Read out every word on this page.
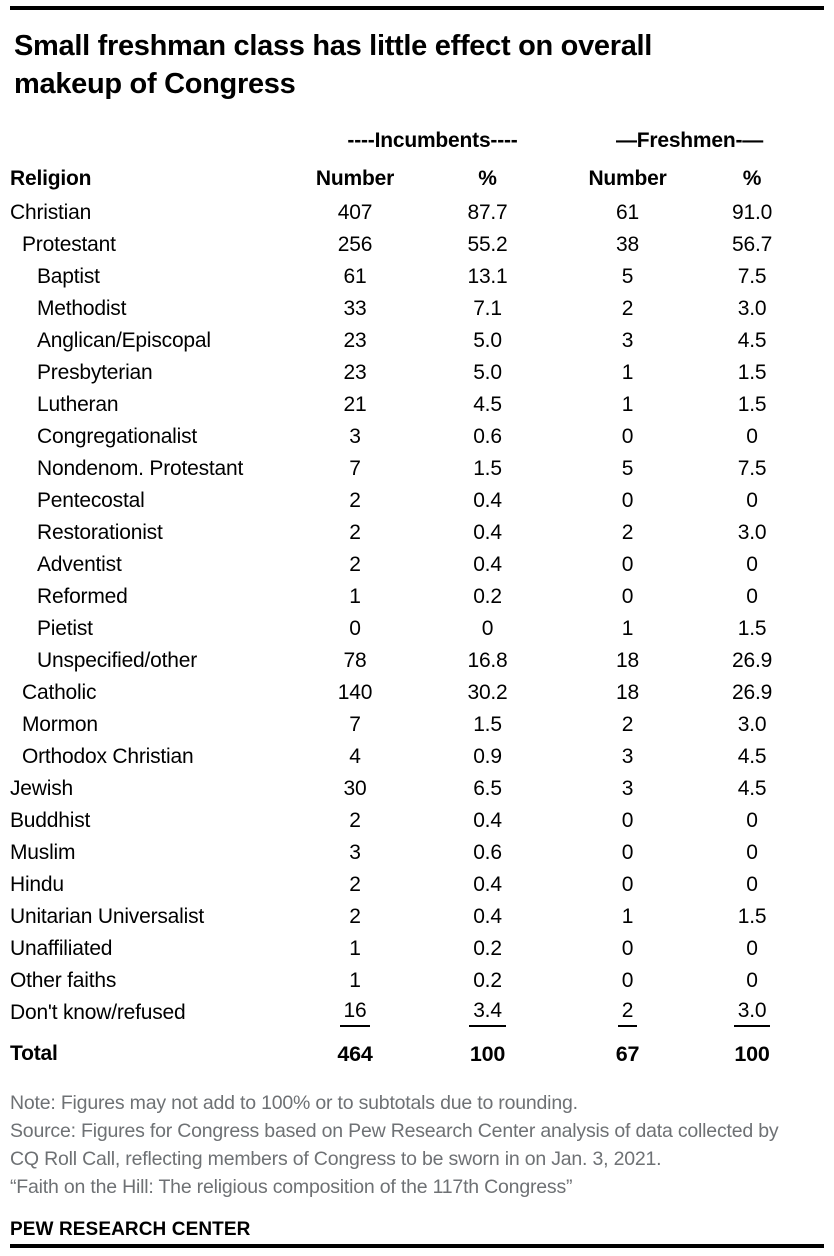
Small freshman class has little effect on overall makeup of Congress
	----Incumbents----		—Freshmen-—	
Religion	Number	%	Number	%
Christian	407	87.7	61	91.0
Protestant	256	55.2	38	56.7
Baptist	61	13.1	5	7.5
Methodist	33	7.1	2	3.0
Anglican/Episcopal	23	5.0	3	4.5
Presbyterian	23	5.0	1	1.5
Lutheran	21	4.5	1	1.5
Congregationalist	3	0.6	0	0
Nondenom. Protestant	7	1.5	5	7.5
Pentecostal	2	0.4	0	0
Restorationist	2	0.4	2	3.0
Adventist	2	0.4	0	0
Reformed	1	0.2	0	0
Pietist	0	0	1	1.5
Unspecified/other	78	16.8	18	26.9
Catholic	140	30.2	18	26.9
Mormon	7	1.5	2	3.0
Orthodox Christian	4	0.9	3	4.5
Jewish	30	6.5	3	4.5
Buddhist	2	0.4	0	0
Muslim	3	0.6	0	0
Hindu	2	0.4	0	0
Unitarian Universalist	2	0.4	1	1.5
Unaffiliated	1	0.2	0	0
Other faiths	1	0.2	0	0
Don't know/refused	16	3.4	2	3.0
Total	464	100	67	100

Note: Figures may not add to 100% or to subtotals due to rounding.

Source: Figures for Congress based on Pew Research Center analysis of data collected by CQ Roll Call, reflecting members of Congress to be sworn in on Jan. 3, 2021.

“Faith on the Hill: The religious composition of the 117th Congress”

PEW RESEARCH CENTER
